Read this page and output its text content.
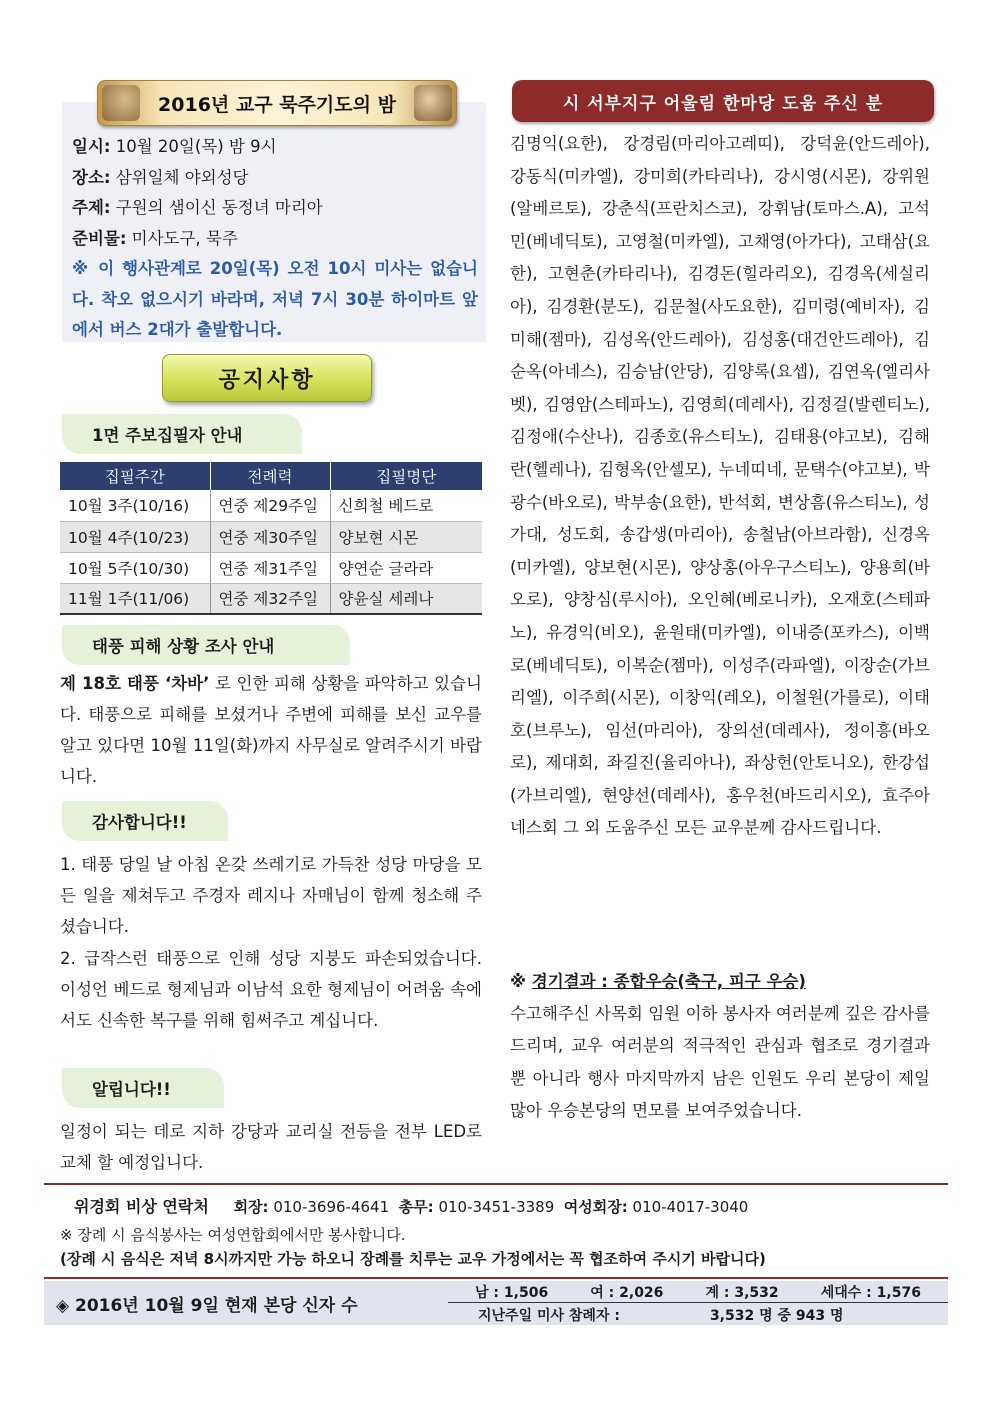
2016년 교구 묵주기도의 밤
일시: 10월 20일(목) 밤 9시
장소: 삼위일체 야외성당
주제: 구원의 샘이신 동정녀 마리아
준비물: 미사도구, 묵주
※ 이 행사관계로 20일(목) 오전 10시 미사는 없습니다. 착오 없으시기 바라며, 저녁 7시 30분 하이마트 앞에서 버스 2대가 출발합니다.
공지사항
1면 주보집필자 안내
집필주간	전례력	집필명단
10월 3주(10/16)	연중 제29주일	신희철 베드로
10월 4주(10/23)	연중 제30주일	양보현 시몬
10월 5주(10/30)	연중 제31주일	양연순 글라라
11월 1주(11/06)	연중 제32주일	양윤실 세레나
태풍 피해 상황 조사 안내
제 18호 태풍 ‘차바’ 로 인한 피해 상황을 파악하고 있습니다. 태풍으로 피해를 보셨거나 주변에 피해를 보신 교우를 알고 있다면 10월 11일(화)까지 사무실로 알려주시기 바랍니다.
감사합니다!!
1. 태풍 당일 날 아침 온갖 쓰레기로 가득찬 성당 마당을 모든 일을 제쳐두고 주경자 레지나 자매님이 함께 청소해 주셨습니다.
2. 급작스런 태풍으로 인해 성당 지붕도 파손되었습니다. 이성언 베드로 형제님과 이남석 요한 형제님이 어려움 속에서도 신속한 복구를 위해 힘써주고 계십니다.
알립니다!!
일정이 되는 데로 지하 강당과 교리실 전등을 전부 LED로 교체 할 예정입니다.
시 서부지구 어울림 한마당 도움 주신 분
김명익(요한), 강경림(마리아고레띠), 강덕윤(안드레아), 강동식(미카엘), 강미희(카타리나), 강시영(시몬), 강위원(알베르토), 강춘식(프란치스코), 강휘남(토마스.A), 고석민(베네딕토), 고영철(미카엘), 고채영(아가다), 고태삼(요한), 고현춘(카타리나), 김경돈(힐라리오), 김경옥(세실리아), 김경환(분도), 김문철(사도요한), 김미령(예비자), 김미해(젬마), 김성옥(안드레아), 김성홍(대건안드레아), 김순옥(아네스), 김승남(안당), 김양록(요셉), 김연옥(엘리사벳), 김영암(스테파노), 김영희(데레사), 김정걸(발렌티노), 김정애(수산나), 김종호(유스티노), 김태용(야고보), 김해란(헬레나), 김형옥(안셀모), 누네띠네, 문택수(야고보), 박광수(바오로), 박부송(요한), 반석회, 변상흠(유스티노), 성가대, 성도회, 송갑생(마리아), 송철남(아브라함), 신경옥(미카엘), 양보현(시몬), 양상홍(아우구스티노), 양용희(바오로), 양창심(루시아), 오인혜(베로니카), 오재호(스테파노), 유경익(비오), 윤원태(미카엘), 이내증(포카스), 이백로(베네딕토), 이복순(젬마), 이성주(라파엘), 이장순(가브리엘), 이주희(시몬), 이창익(레오), 이철원(가를로), 이태호(브루노), 임선(마리아), 장의선(데레사), 정이흥(바오로), 제대회, 좌길진(율리아나), 좌상헌(안토니오), 한강섭(가브리엘), 현양선(데레사), 홍우천(바드리시오), 효주아네스회 그 외 도움주신 모든 교우분께 감사드립니다.
※ 경기결과 : 종합우승(축구, 피구 우승)
수고해주신 사목회 임원 이하 봉사자 여러분께 깊은 감사를 드리며, 교우 여러분의 적극적인 관심과 협조로 경기결과 뿐 아니라 행사 마지막까지 남은 인원도 우리 본당이 제일 많아 우승본당의 면모를 보여주었습니다.
위경회 비상 연락처 회장: 010-3696-4641 총무: 010-3451-3389 여성회장: 010-4017-3040
※ 장례 시 음식봉사는 여성연합회에서만 봉사합니다.
(장례 시 음식은 저녁 8시까지만 가능 하오니 장례를 치루는 교우 가정에서는 꼭 협조하여 주시기 바랍니다)
◈ 2016년 10월 9일 현재 본당 신자 수
남 : 1,506	여 : 2,026	계 : 3,532	세대수 : 1,576
지난주일 미사 참례자 :	3,532 명 중 943 명
